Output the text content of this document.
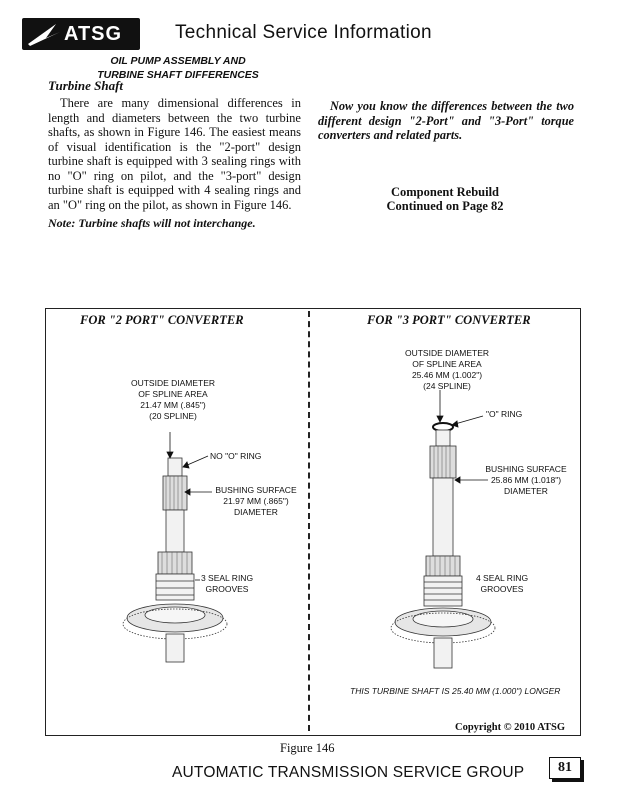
ATSG	Technical Service Information
OIL PUMP ASSEMBLY AND
TURBINE SHAFT DIFFERENCES
Turbine Shaft
There are many dimensional differences in length and diameters between the two turbine shafts, as shown in Figure 146. The easiest means of visual identification is the "2-port" design turbine shaft is equipped with 3 sealing rings with no "O" ring on pilot, and the "3-port" design turbine shaft is equipped with 4 sealing rings and an "O" ring on the pilot, as shown in Figure 146.
Note: Turbine shafts will not interchange.
Now you know the differences between the two different design "2-Port" and "3-Port" torque converters and related parts.
Component Rebuild
Continued on Page 82
FOR "2 PORT" CONVERTER	FOR "3 PORT" CONVERTER
OUTSIDE DIAMETER
OF SPLINE AREA
21.47 MM (.845")
(20 SPLINE)
NO "O" RING
BUSHING SURFACE
21.97 MM (.865")
DIAMETER
3 SEAL RING
GROOVES
OUTSIDE DIAMETER
OF SPLINE AREA
25.46 MM (1.002")
(24 SPLINE)
"O" RING
BUSHING SURFACE
25.86 MM (1.018")
DIAMETER
4 SEAL RING
GROOVES
THIS TURBINE SHAFT IS 25.40 MM (1.000") LONGER
Copyright © 2010 ATSG
Figure 146
AUTOMATIC TRANSMISSION SERVICE GROUP	81
